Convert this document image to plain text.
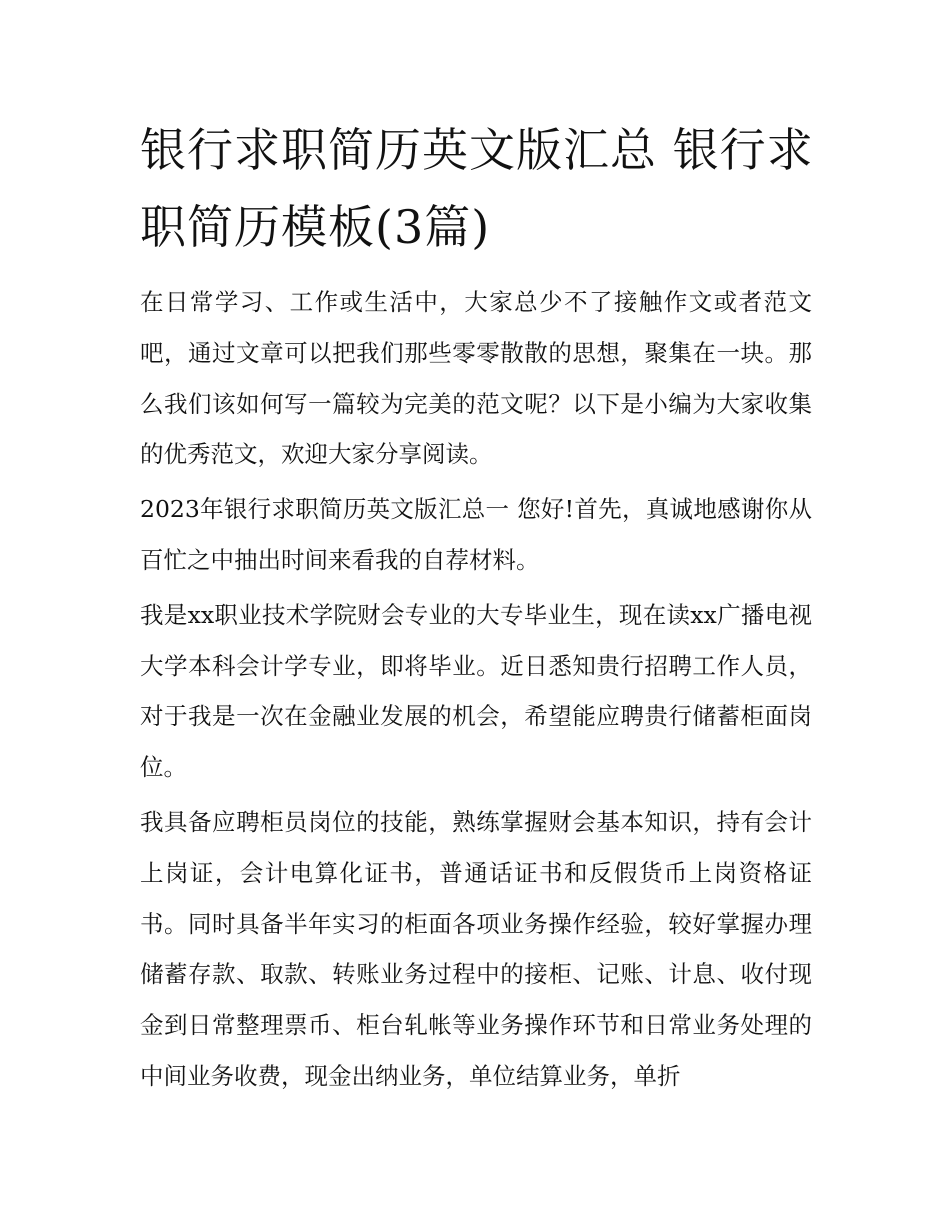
银行求职简历英文版汇总 银行求职简历模板(3篇)

在日常学习、工作或生活中，大家总少不了接触作文或者范文吧，通过文章可以把我们那些零零散散的思想，聚集在一块。那么我们该如何写一篇较为完美的范文呢？以下是小编为大家收集的优秀范文，欢迎大家分享阅读。

2023年银行求职简历英文版汇总一 您好!首先，真诚地感谢你从百忙之中抽出时间来看我的自荐材料。

我是xx职业技术学院财会专业的大专毕业生，现在读xx广播电视大学本科会计学专业，即将毕业。近日悉知贵行招聘工作人员，对于我是一次在金融业发展的机会，希望能应聘贵行储蓄柜面岗位。

我具备应聘柜员岗位的技能，熟练掌握财会基本知识，持有会计上岗证，会计电算化证书，普通话证书和反假货币上岗资格证书。同时具备半年实习的柜面各项业务操作经验，较好掌握办理储蓄存款、取款、转账业务过程中的接柜、记账、计息、收付现金到日常整理票币、柜台轧帐等业务操作环节和日常业务处理的中间业务收费，现金出纳业务，单位结算业务，单折
